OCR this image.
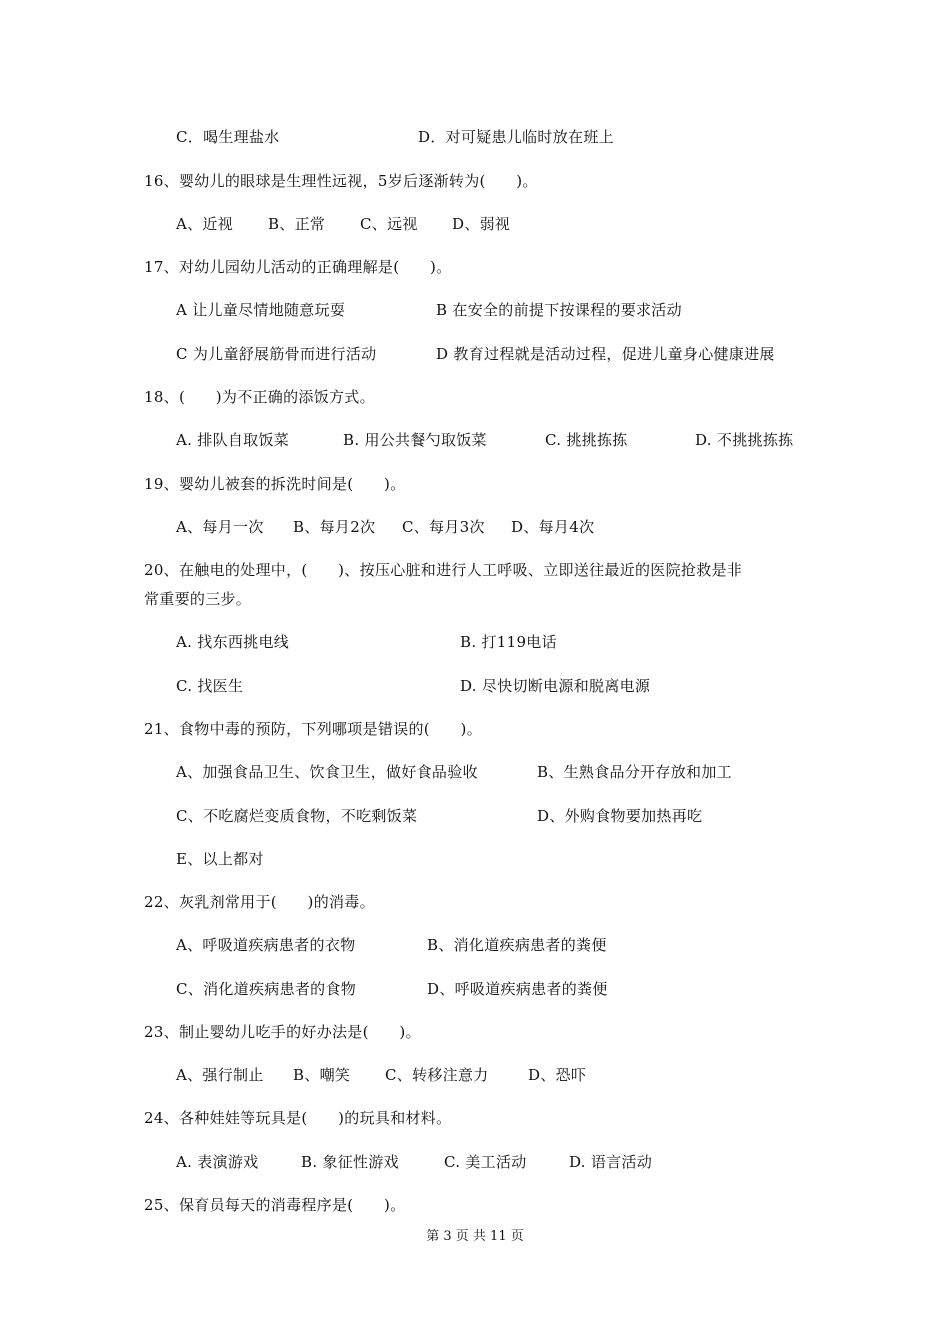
C．喝生理盐水	D．对可疑患儿临时放在班上
16、婴幼儿的眼球是生理性远视，5岁后逐渐转为(　　)。
A、近视 B、正常 C、远视 D、弱视
17、对幼儿园幼儿活动的正确理解是(　　)。
A 让儿童尽情地随意玩耍	B 在安全的前提下按课程的要求活动
C 为儿童舒展筋骨而进行活动	D 教育过程就是活动过程，促进儿童身心健康进展
18、(　　)为不正确的添饭方式。
A. 排队自取饭菜	B. 用公共餐勺取饭菜	C. 挑挑拣拣	D. 不挑挑拣拣
19、婴幼儿被套的拆洗时间是(　　)。
A、每月一次 B、每月2次 C、每月3次 D、每月4次
20、在触电的处理中，(　　)、按压心脏和进行人工呼吸、立即送往最近的医院抢救是非
常重要的三步。
A. 找东西挑电线	B. 打119电话
C. 找医生	D. 尽快切断电源和脱离电源
21、食物中毒的预防，下列哪项是错误的(　　)。
A、加强食品卫生、饮食卫生，做好食品验收	B、生熟食品分开存放和加工
C、不吃腐烂变质食物，不吃剩饭菜	D、外购食物要加热再吃
E、以上都对
22、灰乳剂常用于(　　)的消毒。
A、呼吸道疾病患者的衣物	B、消化道疾病患者的粪便
C、消化道疾病患者的食物	D、呼吸道疾病患者的粪便
23、制止婴幼儿吃手的好办法是(　　)。
A、强行制止 B、嘲笑 C、转移注意力	D、恐吓
24、各种娃娃等玩具是(　　)的玩具和材料。
A. 表演游戏	B. 象征性游戏	C. 美工活动	D. 语言活动
25、保育员每天的消毒程序是(　　)。
第 3 页 共 11 页
